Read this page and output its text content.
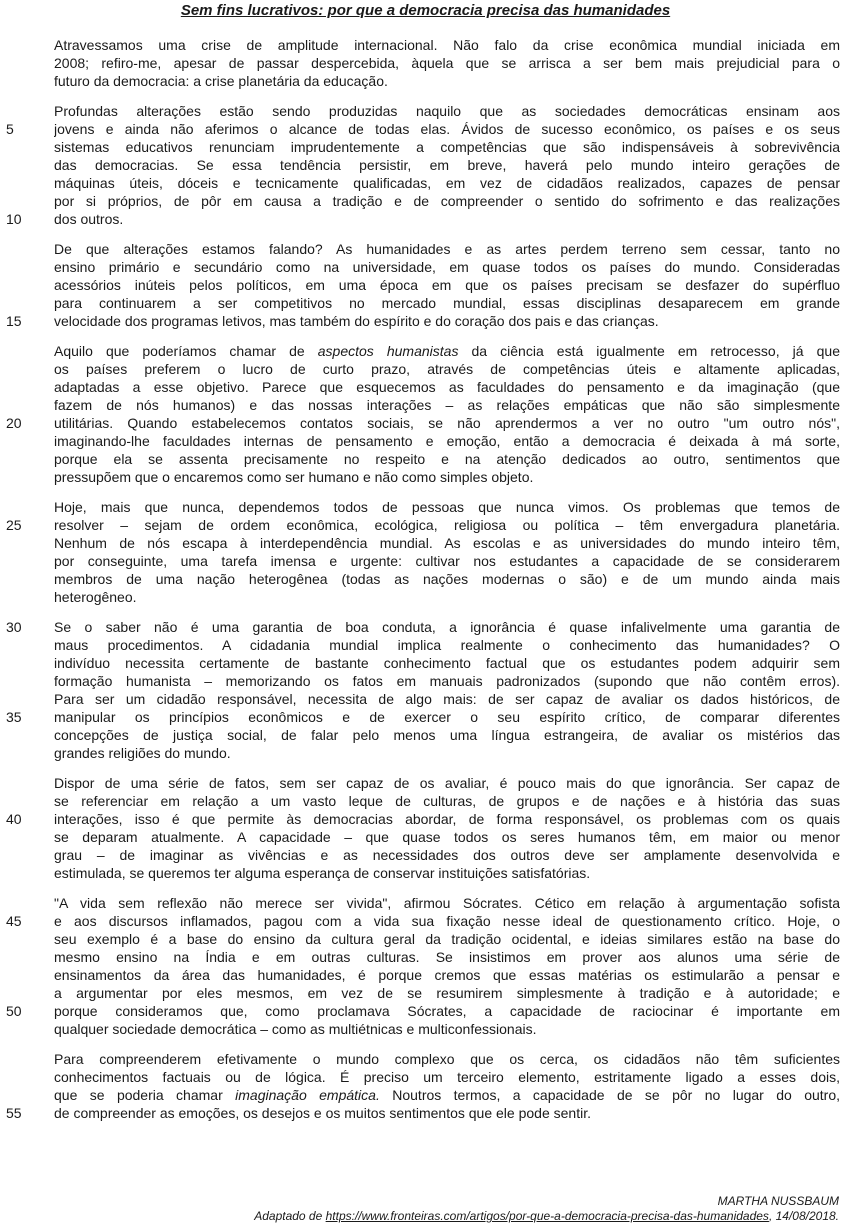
Sem fins lucrativos: por que a democracia precisa das humanidades
Atravessamos uma crise de amplitude internacional. Não falo da crise econômica mundial iniciada em
2008; refiro-me, apesar de passar despercebida, àquela que se arrisca a ser bem mais prejudicial para o
futuro da democracia: a crise planetária da educação.
Profundas alterações estão sendo produzidas naquilo que as sociedades democráticas ensinam aos
5	jovens e ainda não aferimos o alcance de todas elas. Ávidos de sucesso econômico, os países e os seus
sistemas educativos renunciam imprudentemente a competências que são indispensáveis à sobrevivência
das democracias. Se essa tendência persistir, em breve, haverá pelo mundo inteiro gerações de
máquinas úteis, dóceis e tecnicamente qualificadas, em vez de cidadãos realizados, capazes de pensar
por si próprios, de pôr em causa a tradição e de compreender o sentido do sofrimento e das realizações
10	dos outros.
De que alterações estamos falando? As humanidades e as artes perdem terreno sem cessar, tanto no
ensino primário e secundário como na universidade, em quase todos os países do mundo. Consideradas
acessórios inúteis pelos políticos, em uma época em que os países precisam se desfazer do supérfluo
para continuarem a ser competitivos no mercado mundial, essas disciplinas desaparecem em grande
15	velocidade dos programas letivos, mas também do espírito e do coração dos pais e das crianças.
Aquilo que poderíamos chamar de aspectos humanistas da ciência está igualmente em retrocesso, já que
os países preferem o lucro de curto prazo, através de competências úteis e altamente aplicadas,
adaptadas a esse objetivo. Parece que esquecemos as faculdades do pensamento e da imaginação (que
fazem de nós humanos) e das nossas interações – as relações empáticas que não são simplesmente
20	utilitárias. Quando estabelecemos contatos sociais, se não aprendermos a ver no outro "um outro nós",
imaginando-lhe faculdades internas de pensamento e emoção, então a democracia é deixada à má sorte,
porque ela se assenta precisamente no respeito e na atenção dedicados ao outro, sentimentos que
pressupõem que o encaremos como ser humano e não como simples objeto.
Hoje, mais que nunca, dependemos todos de pessoas que nunca vimos. Os problemas que temos de
25	resolver – sejam de ordem econômica, ecológica, religiosa ou política – têm envergadura planetária.
Nenhum de nós escapa à interdependência mundial. As escolas e as universidades do mundo inteiro têm,
por conseguinte, uma tarefa imensa e urgente: cultivar nos estudantes a capacidade de se considerarem
membros de uma nação heterogênea (todas as nações modernas o são) e de um mundo ainda mais
heterogêneo.
30	Se o saber não é uma garantia de boa conduta, a ignorância é quase infalivelmente uma garantia de
maus procedimentos. A cidadania mundial implica realmente o conhecimento das humanidades? O
indivíduo necessita certamente de bastante conhecimento factual que os estudantes podem adquirir sem
formação humanista – memorizando os fatos em manuais padronizados (supondo que não contêm erros).
Para ser um cidadão responsável, necessita de algo mais: de ser capaz de avaliar os dados históricos, de
35	manipular os princípios econômicos e de exercer o seu espírito crítico, de comparar diferentes
concepções de justiça social, de falar pelo menos uma língua estrangeira, de avaliar os mistérios das
grandes religiões do mundo.
Dispor de uma série de fatos, sem ser capaz de os avaliar, é pouco mais do que ignorância. Ser capaz de
se referenciar em relação a um vasto leque de culturas, de grupos e de nações e à história das suas
40	interações, isso é que permite às democracias abordar, de forma responsável, os problemas com os quais
se deparam atualmente. A capacidade – que quase todos os seres humanos têm, em maior ou menor
grau – de imaginar as vivências e as necessidades dos outros deve ser amplamente desenvolvida e
estimulada, se queremos ter alguma esperança de conservar instituições satisfatórias.
"A vida sem reflexão não merece ser vivida", afirmou Sócrates. Cético em relação à argumentação sofista
45	e aos discursos inflamados, pagou com a vida sua fixação nesse ideal de questionamento crítico. Hoje, o
seu exemplo é a base do ensino da cultura geral da tradição ocidental, e ideias similares estão na base do
mesmo ensino na Índia e em outras culturas. Se insistimos em prover aos alunos uma série de
ensinamentos da área das humanidades, é porque cremos que essas matérias os estimularão a pensar e
a argumentar por eles mesmos, em vez de se resumirem simplesmente à tradição e à autoridade; e
50	porque consideramos que, como proclamava Sócrates, a capacidade de raciocinar é importante em
qualquer sociedade democrática – como as multiétnicas e multiconfessionais.
Para compreenderem efetivamente o mundo complexo que os cerca, os cidadãos não têm suficientes
conhecimentos factuais ou de lógica. É preciso um terceiro elemento, estritamente ligado a esses dois,
que se poderia chamar imaginação empática. Noutros termos, a capacidade de se pôr no lugar do outro,
55	de compreender as emoções, os desejos e os muitos sentimentos que ele pode sentir.
MARTHA NUSSBAUM
Adaptado de https://www.fronteiras.com/artigos/por-que-a-democracia-precisa-das-humanidades, 14/08/2018.
